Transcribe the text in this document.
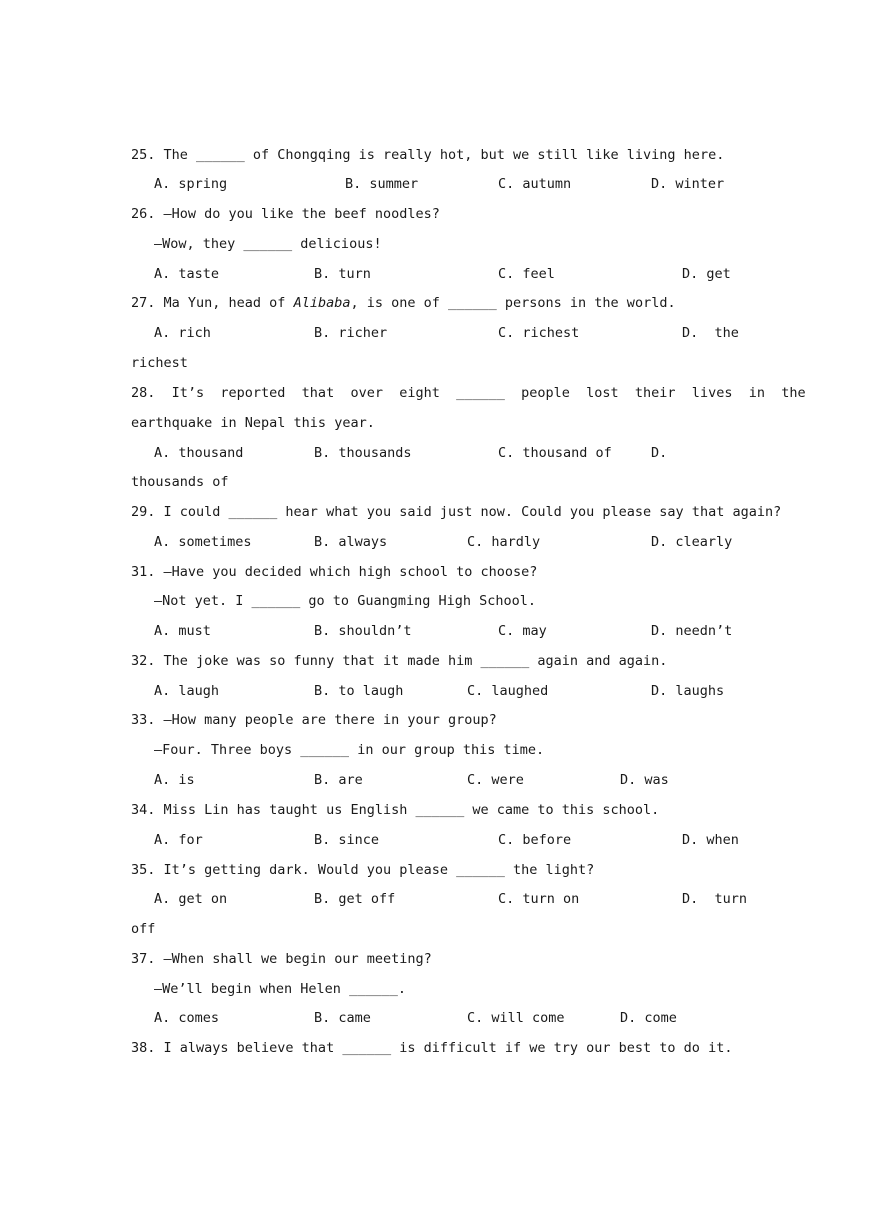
25. The ______ of Chongqing is really hot, but we still like living here.
A. spring	B. summer	C. autumn	D. winter
26. —How do you like the beef noodles?
—Wow, they ______ delicious!
A. taste	B. turn	C. feel	D. get
27. Ma Yun, head of Alibaba, is one of ______ persons in the world.
A. rich	B. richer	C. richest	D.  the
richest
28.  It’s  reported  that  over  eight  ______  people  lost  their  lives  in  the
earthquake in Nepal this year.
A. thousand	B. thousands	C. thousand of	D.
thousands of
29. I could ______ hear what you said just now. Could you please say that again?
A. sometimes	B. always	C. hardly	D. clearly
31. —Have you decided which high school to choose?
—Not yet. I ______ go to Guangming High School.
A. must	B. shouldn’t	C. may	D. needn’t
32. The joke was so funny that it made him ______ again and again.
A. laugh	B. to laugh	C. laughed	D. laughs
33. —How many people are there in your group?
—Four. Three boys ______ in our group this time.
A. is	B. are	C. were	D. was
34. Miss Lin has taught us English ______ we came to this school.
A. for	B. since	C. before	D. when
35. It’s getting dark. Would you please ______ the light?
A. get on	B. get off	C. turn on	D.  turn
off
37. —When shall we begin our meeting?
—We’ll begin when Helen ______.
A. comes	B. came	C. will come	D. come
38. I always believe that ______ is difficult if we try our best to do it.
